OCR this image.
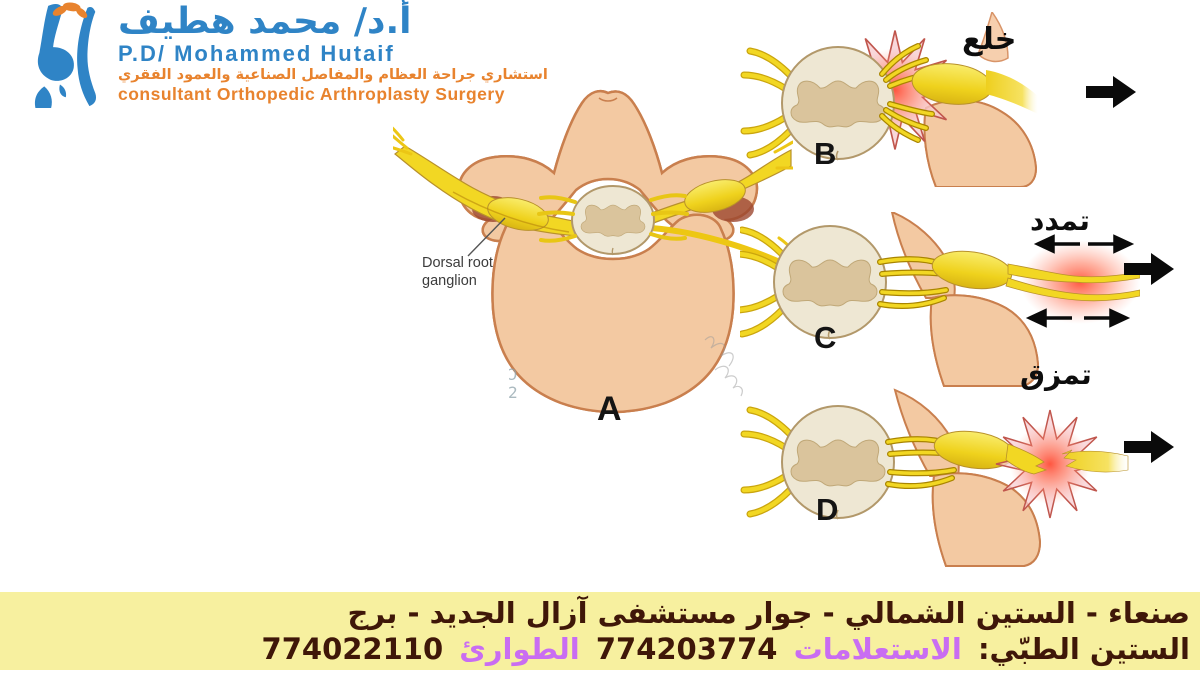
أ.د/ محمد هطيف
P.D/ Mohammed Hutaif
استشاري جراحة العظام والمفاصل الصناعية والعمود الفقري
consultant Orthopedic Arthroplasty Surgery
Dorsal root ganglion
A
B
C
D
خلع
تمدد
تمزق
Ɔ
2
صنعاء - الستين الشمالي - جوار مستشفى آزال الجديد - برج
الستين الطبّي: الاستعلامات 774203774 الطوارئ 774022110
